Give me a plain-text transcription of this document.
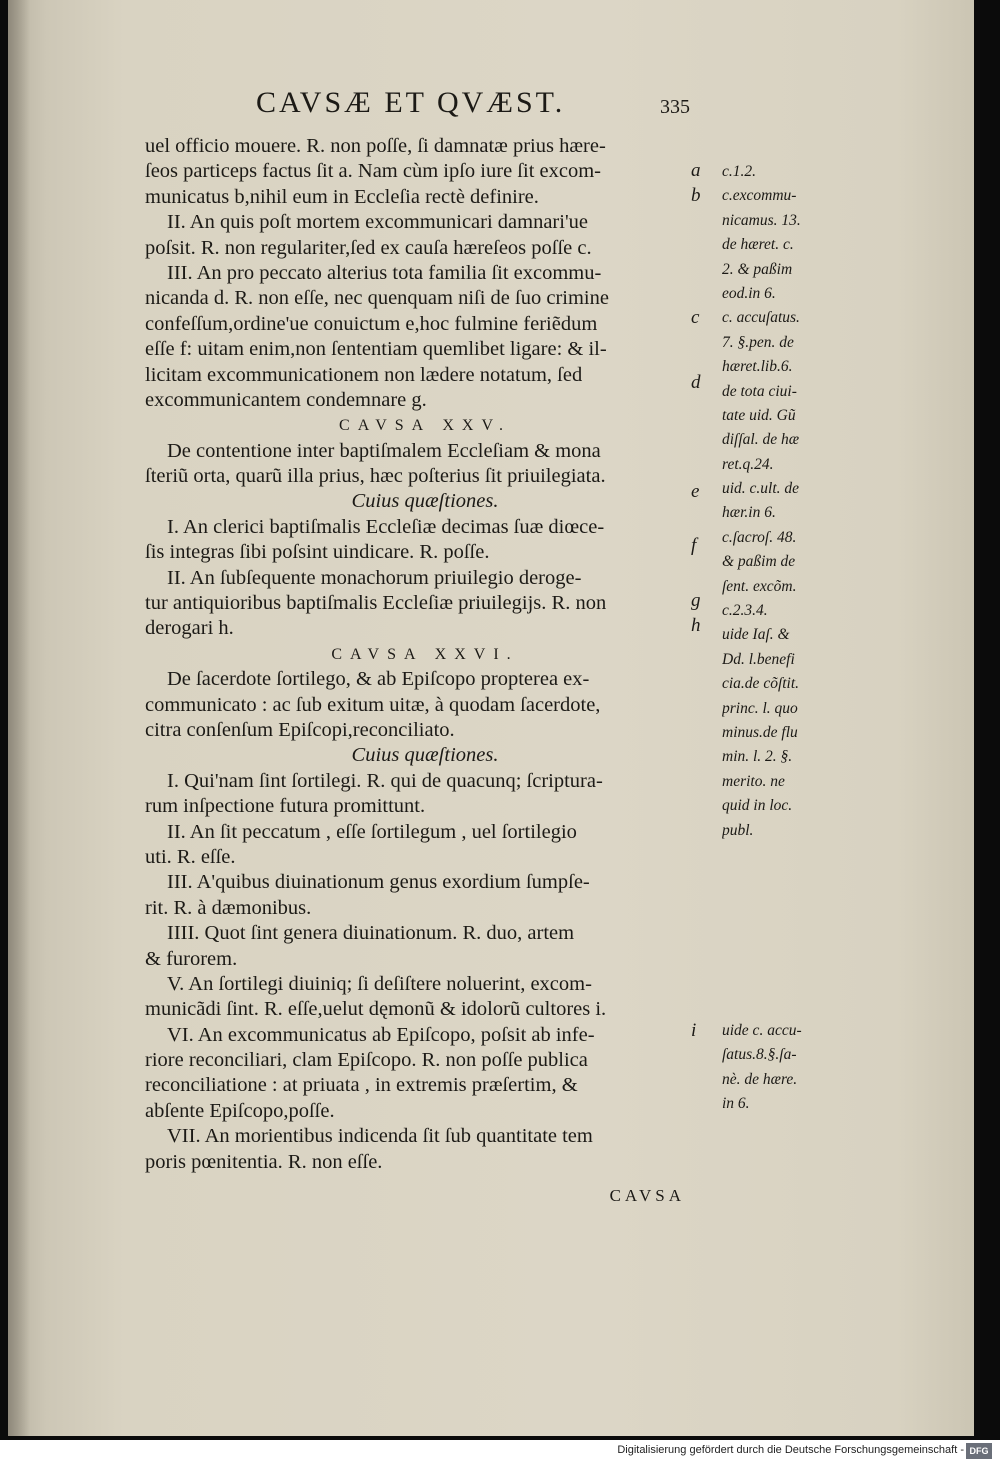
CAVSÆ ET QVÆST.	335
uel officio mouere. R. non poſſe, ſi damnatæ prius hære-
ſeos particeps factus ſit a. Nam cùm ipſo iure ſit excom-
municatus b,nihil eum in Eccleſia rectè definire.
II. An quis poſt mortem excommunicari damnari'ue
poſsit. R. non regulariter,ſed ex cauſa hæreſeos poſſe c.
III. An pro peccato alterius tota familia ſit excommu-
nicanda d. R. non eſſe, nec quenquam niſi de ſuo crimine
confeſſum,ordine'ue conuictum e,hoc fulmine feriẽdum
eſſe f: uitam enim,non ſententiam quemlibet ligare: & il-
licitam excommunicationem non lædere notatum, ſed
excommunicantem condemnare g.
CAVSA XXV.
De contentione inter baptiſmalem Eccleſiam & mona
ſteriũ orta, quarũ illa prius, hæc poſterius ſit priuilegiata.
Cuius quæſtiones.
I. An clerici baptiſmalis Eccleſiæ decimas ſuæ diœce-
ſis integras ſibi poſsint uindicare. R. poſſe.
II. An ſubſequente monachorum priuilegio deroge-
tur antiquioribus baptiſmalis Eccleſiæ priuilegijs. R. non
derogari h.
CAVSA XXVI.
De ſacerdote ſortilego, & ab Epiſcopo propterea ex-
communicato : ac ſub exitum uitæ, à quodam ſacerdote,
citra conſenſum Epiſcopi,reconciliato.
Cuius quæſtiones.
I. Qui'nam ſint ſortilegi. R. qui de quacunq; ſcriptura-
rum inſpectione futura promittunt.
II. An ſit peccatum , eſſe ſortilegum , uel ſortilegio
uti. R. eſſe.
III. A'quibus diuinationum genus exordium ſumpſe-
rit. R. à dæmonibus.
IIII. Quot ſint genera diuinationum. R. duo, artem
& furorem.
V. An ſortilegi diuiniq; ſi deſiſtere noluerint, excom-
municãdi ſint. R. eſſe,uelut dęmonũ & idolorũ cultores i.
VI. An excommunicatus ab Epiſcopo, poſsit ab infe-
riore reconciliari, clam Epiſcopo. R. non poſſe publica
reconciliatione : at priuata , in extremis præſertim, &
abſente Epiſcopo,poſſe.
VII. An morientibus indicenda ſit ſub quantitate tem
poris pœnitentia. R. non eſſe.
CAVSA
a
b
c
d
e
f
g
h
i
c.1.2.
c.excommu-
nicamus. 13.
de hæret. c.
2. & paßim
eod.in 6.
c. accuſatus.
7. §.pen. de
hæret.lib.6.
de tota ciui-
tate uid. Gũ
diſſal. de hæ
ret.q.24.
uid. c.ult. de
hær.in 6.
c.ſacroſ. 48.
& paßim de
ſent. excõm.
c.2.3.4.
uide Iaſ. &
Dd. l.benefi
cia.de cõſtit.
princ. l. quo
minus.de flu
min. l. 2. §.
merito. ne
quid in loc.
publ.
uide c. accu-
ſatus.8.§.ſa-
nè. de hære.
in 6.
Digitalisierung gefördert durch die Deutsche Forschungsgemeinschaft - DFG
